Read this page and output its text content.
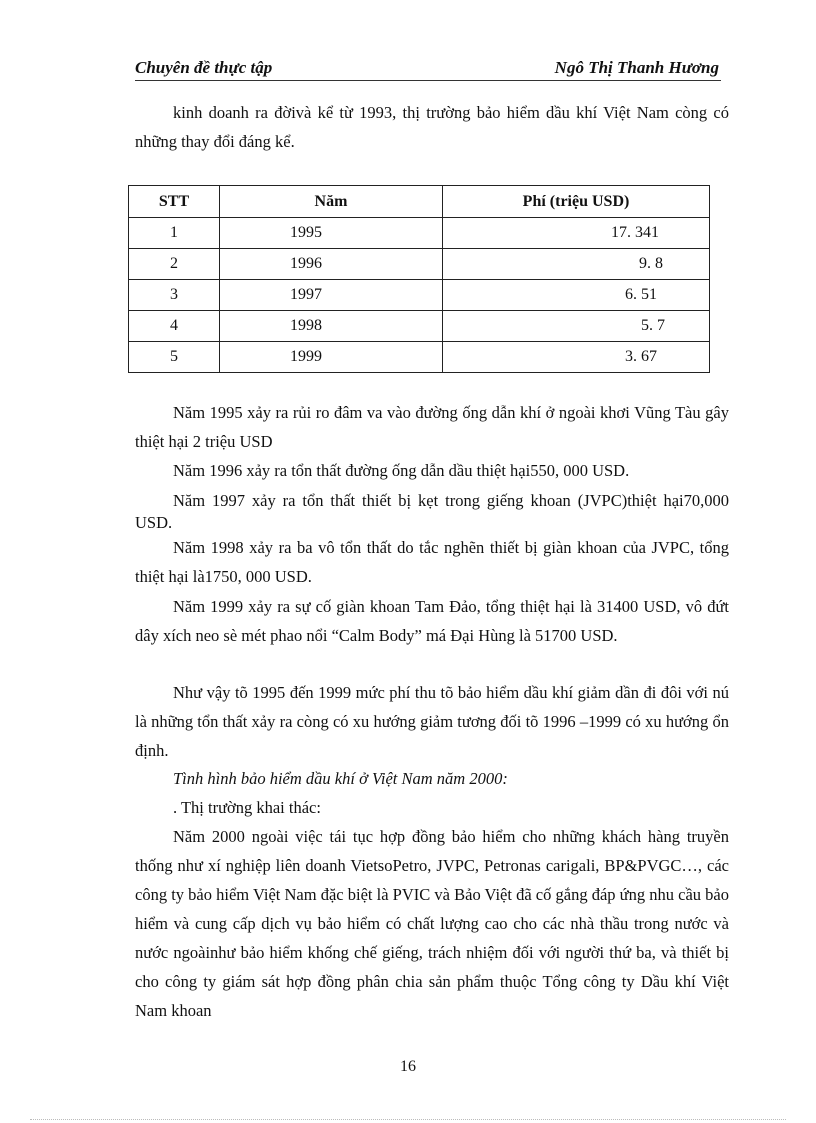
Chuyên đề thực tập	Ngô Thị Thanh Hương

kinh doanh ra đờivà kể từ 1993, thị trường bảo hiểm dầu khí Việt Nam còng có những thay đổi đáng kể.

STT	Năm	Phí (triệu USD)
1	1995	17. 341
2	1996	9. 8
3	1997	6. 51
4	1998	5. 7
5	1999	3. 67

Năm 1995 xảy ra rủi ro đâm va vào đường ống dẫn khí ở ngoài khơi Vũng Tàu gây thiệt hại 2 triệu USD

Năm 1996 xảy ra tổn thất đường ống dẫn dầu thiệt hại550, 000 USD.

Năm 1997 xảy ra tổn thất thiết bị kẹt trong giếng khoan (JVPC)thiệt hại70,000 USD.

Năm 1998 xảy ra ba vô tổn thất do tắc nghẽn thiết bị giàn khoan của JVPC, tổng thiệt hại là1750, 000 USD.

Năm 1999 xảy ra sự cố giàn khoan Tam Đảo, tổng thiệt hại là 31400 USD, vô đứt dây xích neo sè mét phao nổi “Calm Body” má Đại Hùng là 51700 USD.

Như vậy tõ 1995 đến 1999 mức phí thu tõ bảo hiểm dầu khí giảm dần đi đôi với nú là những tổn thất xảy ra còng có xu hướng giảm tương đối tõ 1996 –1999 có xu hướng ổn định.

Tình hình bảo hiểm dầu khí ở Việt Nam năm 2000:

. Thị trường khai thác:

Năm 2000 ngoài việc tái tục hợp đồng bảo hiểm cho những khách hàng truyền thống như xí nghiệp liên doanh VietsoPetro, JVPC, Petronas carigali, BP&PVGC…, các công ty bảo hiểm Việt Nam đặc biệt là PVIC và Bảo Việt đã cố gắng đáp ứng nhu cầu bảo hiểm và cung cấp dịch vụ bảo hiểm có chất lượng cao cho các nhà thầu trong nước và nước ngoàinhư bảo hiểm khống chế giếng, trách nhiệm đối với người thứ ba, và thiết bị cho công ty giám sát hợp đồng phân chia sản phẩm thuộc Tổng công ty Dầu khí Việt Nam khoan

16
